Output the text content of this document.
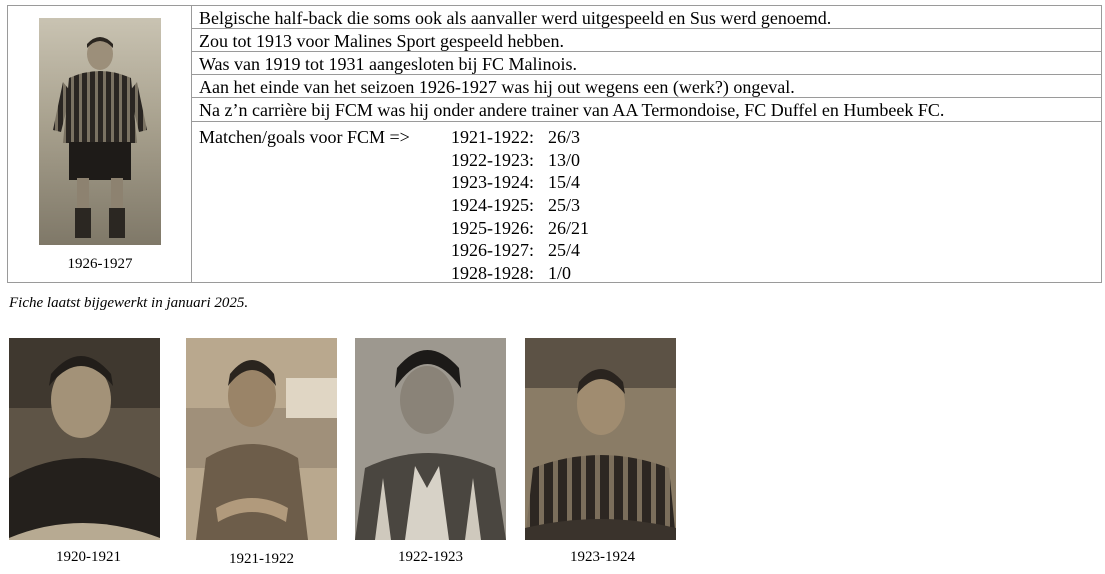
1926-1927
Belgische half-back die soms ook als aanvaller werd uitgespeeld en Sus werd genoemd.
Zou tot 1913 voor Malines Sport gespeeld hebben.
Was van 1919 tot 1931 aangesloten bij FC Malinois.
Aan het einde van het seizoen 1926-1927 was hij out wegens een (werk?) ongeval.
Na z’n carrière bij FCM was hij onder andere trainer van AA Termondoise, FC Duffel en Humbeek FC.
Matchen/goals voor FCM => 1921-1922: 26/3
1922-1923: 13/0
1923-1924: 15/4
1924-1925: 25/3
1925-1926: 26/21
1926-1927: 25/4
1928-1928: 1/0
Fiche laatst bijgewerkt in januari 2025.
1920-1921	1921-1922	1922-1923	1923-1924
